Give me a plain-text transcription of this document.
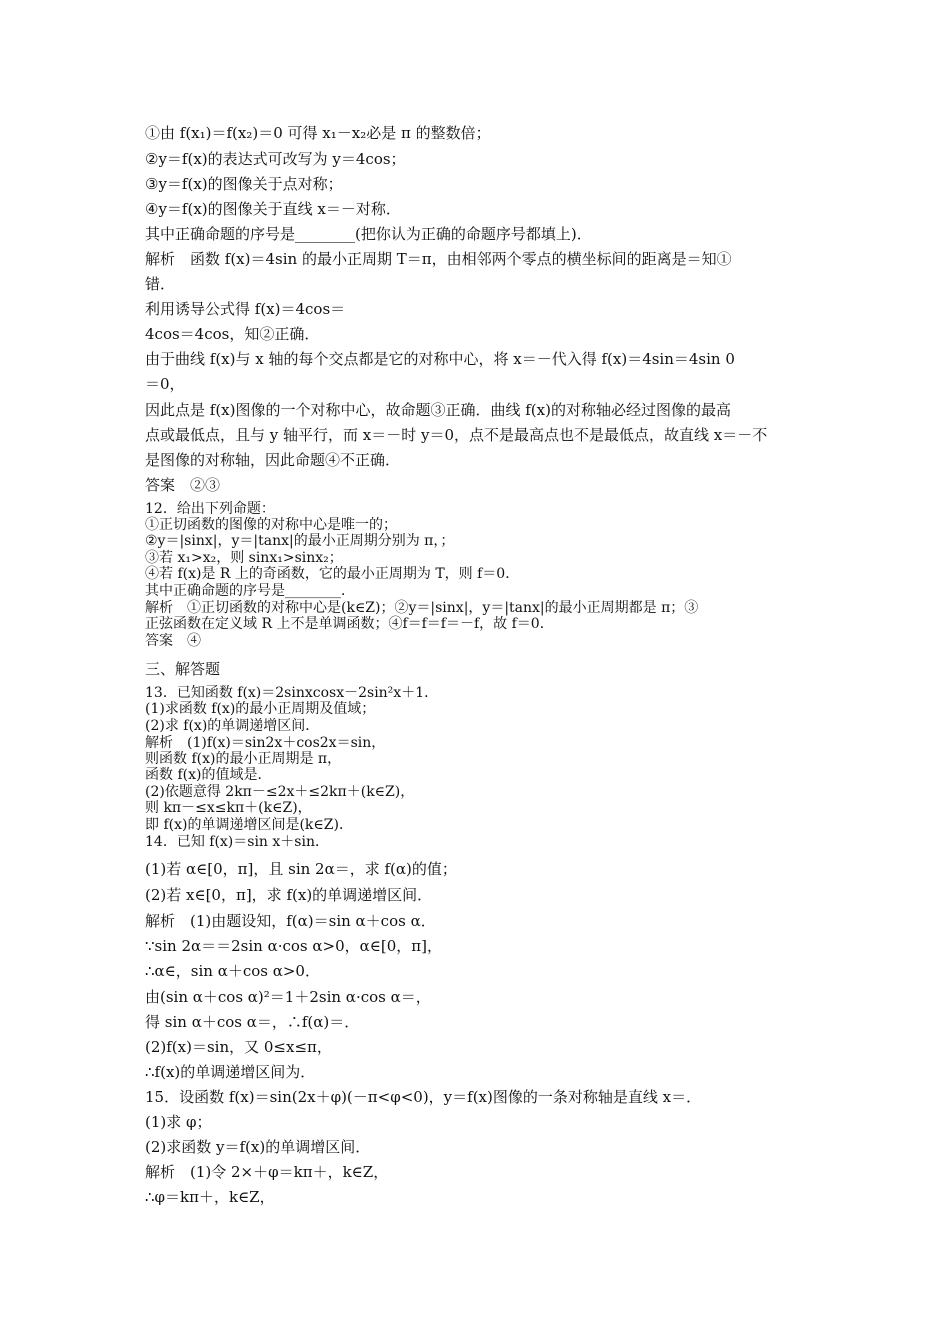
①由 f(x₁)＝f(x₂)＝0 可得 x₁－x₂必是 π 的整数倍；
②y＝f(x)的表达式可改写为 y＝4cos；
③y＝f(x)的图像关于点对称；
④y＝f(x)的图像关于直线 x＝－对称．
其中正确命题的序号是________(把你认为正确的命题序号都填上)．
解析　函数 f(x)＝4sin 的最小正周期 T＝π，由相邻两个零点的横坐标间的距离是＝知①
错．
利用诱导公式得 f(x)＝4cos＝
4cos＝4cos，知②正确．
由于曲线 f(x)与 x 轴的每个交点都是它的对称中心，将 x＝－代入得 f(x)＝4sin＝4sin 0
＝0，
因此点是 f(x)图像的一个对称中心，故命题③正确．曲线 f(x)的对称轴必经过图像的最高
点或最低点，且与 y 轴平行，而 x＝－时 y＝0，点不是最高点也不是最低点，故直线 x＝－不
是图像的对称轴，因此命题④不正确．
答案　②③
12．给出下列命题：
①正切函数的图像的对称中心是唯一的；
②y＝|sinx|，y＝|tanx|的最小正周期分别为 π，；
③若 x₁>x₂，则 sinx₁>sinx₂；
④若 f(x)是 R 上的奇函数，它的最小正周期为 T，则 f＝0．
其中正确命题的序号是________．
解析　①正切函数的对称中心是(k∈Z)；②y＝|sinx|，y＝|tanx|的最小正周期都是 π；③
正弦函数在定义域 R 上不是单调函数；④f＝f＝f＝－f，故 f＝0．
答案　④
三、解答题
13．已知函数 f(x)＝2sinxcosx－2sin²x＋1．
(1)求函数 f(x)的最小正周期及值域；
(2)求 f(x)的单调递增区间．
解析　(1)f(x)＝sin2x＋cos2x＝sin，
则函数 f(x)的最小正周期是 π，
函数 f(x)的值域是．
(2)依题意得 2kπ－≤2x＋≤2kπ＋(k∈Z)，
则 kπ－≤x≤kπ＋(k∈Z)，
即 f(x)的单调递增区间是(k∈Z)．
14．已知 f(x)＝sin x＋sin．
(1)若 α∈[0，π]，且 sin 2α＝，求 f(α)的值；
(2)若 x∈[0，π]，求 f(x)的单调递增区间．
解析　(1)由题设知，f(α)＝sin α＋cos α．
∵sin 2α＝＝2sin α·cos α>0，α∈[0，π]，
∴α∈，sin α＋cos α>0．
由(sin α＋cos α)²＝1＋2sin α·cos α＝，
得 sin α＋cos α＝，∴f(α)＝．
(2)f(x)＝sin，又 0≤x≤π，
∴f(x)的单调递增区间为．
15．设函数 f(x)＝sin(2x＋φ)(－π<φ<0)，y＝f(x)图像的一条对称轴是直线 x＝．
(1)求 φ；
(2)求函数 y＝f(x)的单调增区间．
解析　(1)令 2×＋φ＝kπ＋，k∈Z，
∴φ＝kπ＋，k∈Z，
